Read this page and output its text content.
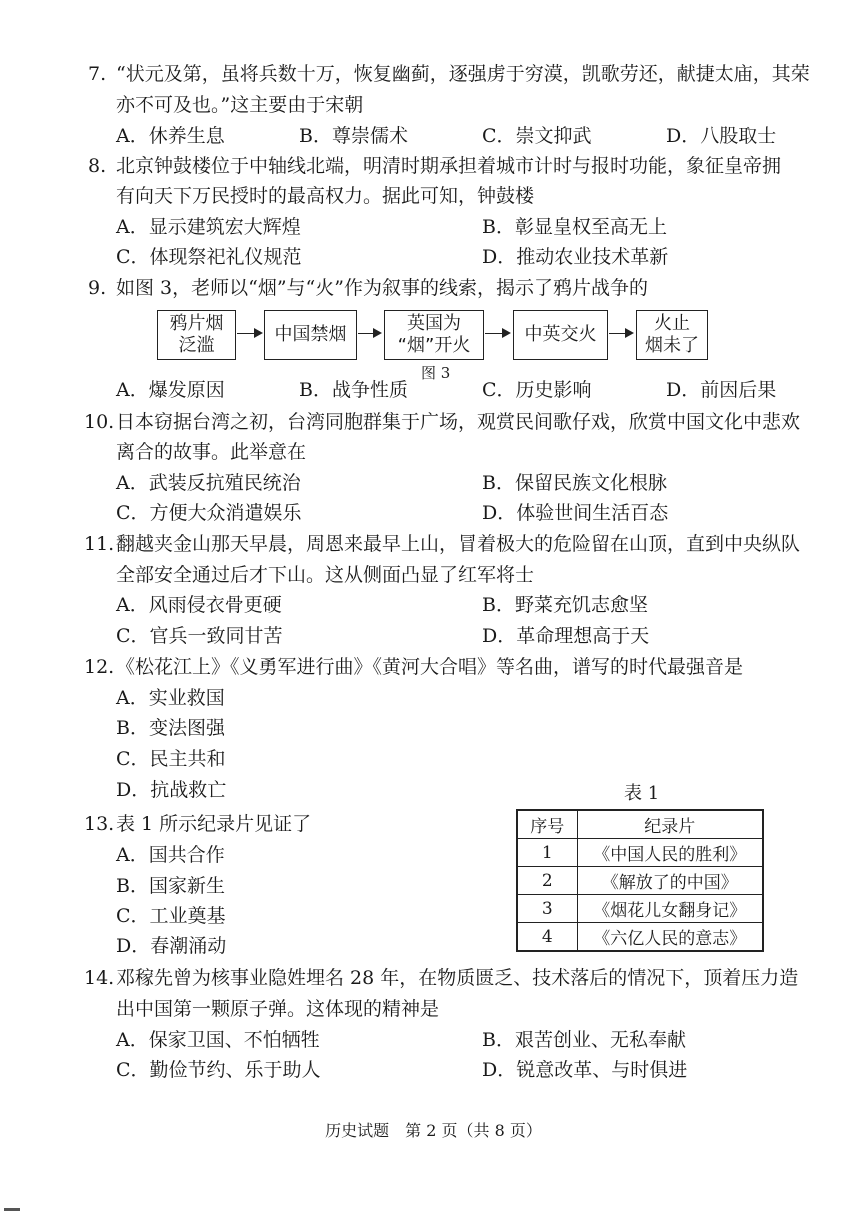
7. “状元及第，虽将兵数十万，恢复幽蓟，逐强虏于穷漠，凯歌劳还，献捷太庙，其荣
亦不可及也。”这主要由于宋朝
A．休养生息	B．尊崇儒术	C．崇文抑武	D．八股取士
8. 北京钟鼓楼位于中轴线北端，明清时期承担着城市计时与报时功能，象征皇帝拥
有向天下万民授时的最高权力。据此可知，钟鼓楼
A．显示建筑宏大辉煌	B．彰显皇权至高无上
C．体现祭祀礼仪规范	D．推动农业技术革新
9. 如图 3，老师以“烟”与“火”作为叙事的线索，揭示了鸦片战争的
鸦片烟
泛滥
中国禁烟
英国为
“烟”开火
中英交火
火止
烟未了
图 3
A．爆发原因	B．战争性质	C．历史影响	D．前因后果
10. 日本窃据台湾之初，台湾同胞群集于广场，观赏民间歌仔戏，欣赏中国文化中悲欢
离合的故事。此举意在
A．武装反抗殖民统治	B．保留民族文化根脉
C．方便大众消遣娱乐	D．体验世间生活百态
11. 翻越夹金山那天早晨，周恩来最早上山，冒着极大的危险留在山顶，直到中央纵队
全部安全通过后才下山。这从侧面凸显了红军将士
A．风雨侵衣骨更硬	B．野菜充饥志愈坚
C．官兵一致同甘苦	D．革命理想高于天
12. 《松花江上》《义勇军进行曲》《黄河大合唱》等名曲，谱写的时代最强音是
A．实业救国
B．变法图强
C．民主共和
D．抗战救亡	表 1
序号	纪录片
1	《中国人民的胜利》
2	《解放了的中国》
3	《烟花儿女翻身记》
4	《六亿人民的意志》
13. 表 1 所示纪录片见证了
A．国共合作
B．国家新生
C．工业奠基
D．春潮涌动
14. 邓稼先曾为核事业隐姓埋名 28 年，在物质匮乏、技术落后的情况下，顶着压力造
出中国第一颗原子弹。这体现的精神是
A．保家卫国、不怕牺牲	B．艰苦创业、无私奉献
C．勤俭节约、乐于助人	D．锐意改革、与时俱进
历史试题　第 2 页（共 8 页）
